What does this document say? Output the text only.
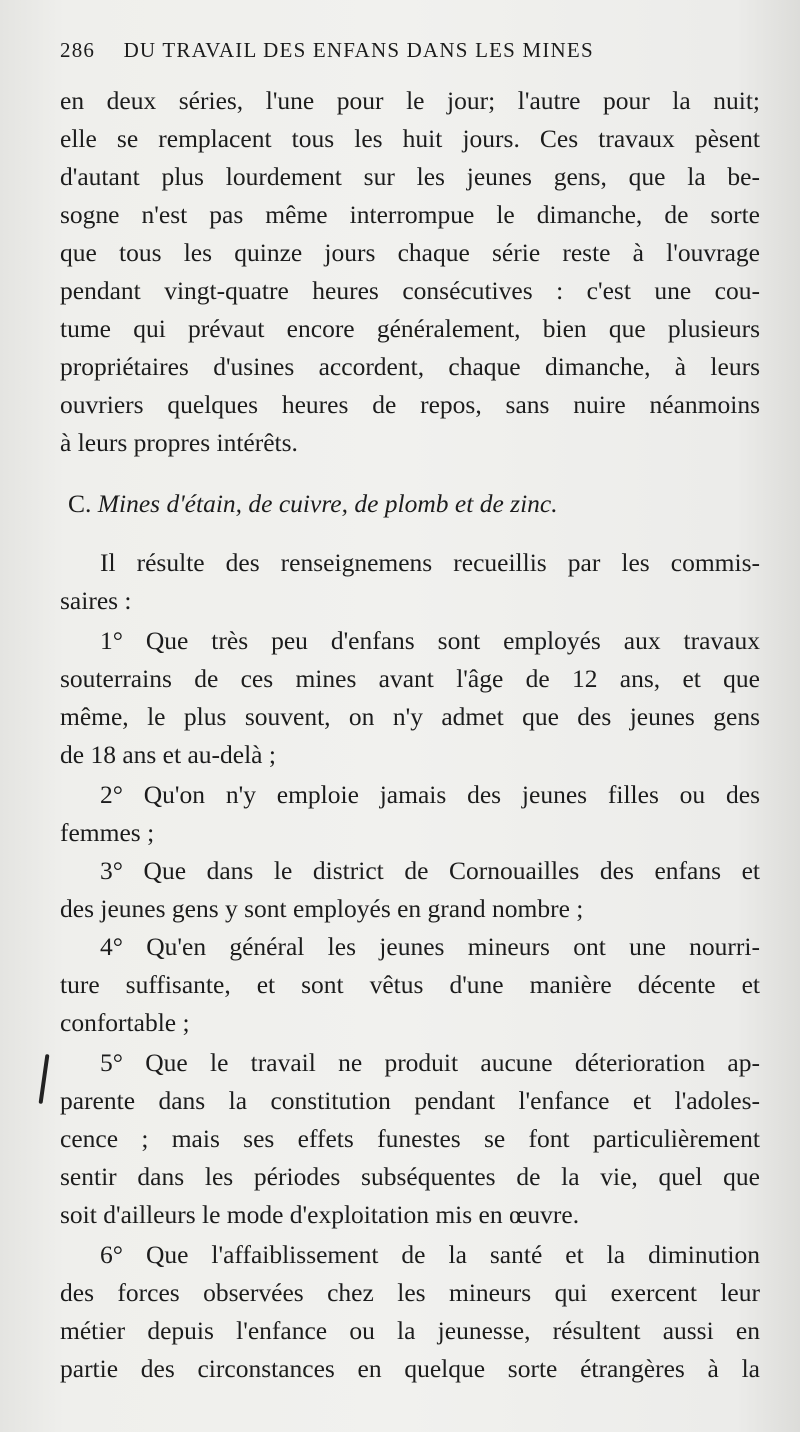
286 DU TRAVAIL DES ENFANS DANS LES MINES
en deux séries, l'une pour le jour; l'autre pour la nuit;
elle se remplacent tous les huit jours. Ces travaux pèsent
d'autant plus lourdement sur les jeunes gens, que la be-
sogne n'est pas même interrompue le dimanche, de sorte
que tous les quinze jours chaque série reste à l'ouvrage
pendant vingt-quatre heures consécutives : c'est une cou-
tume qui prévaut encore généralement, bien que plusieurs
propriétaires d'usines accordent, chaque dimanche, à leurs
ouvriers quelques heures de repos, sans nuire néanmoins
à leurs propres intérêts.
C. Mines d'étain, de cuivre, de plomb et de zinc.
Il résulte des renseignemens recueillis par les commis-
saires :
1° Que très peu d'enfans sont employés aux travaux
souterrains de ces mines avant l'âge de 12 ans, et que
même, le plus souvent, on n'y admet que des jeunes gens
de 18 ans et au-delà ;
2° Qu'on n'y emploie jamais des jeunes filles ou des
femmes ;
3° Que dans le district de Cornouailles des enfans et
des jeunes gens y sont employés en grand nombre ;
4° Qu'en général les jeunes mineurs ont une nourri-
ture suffisante, et sont vêtus d'une manière décente et
confortable ;
5° Que le travail ne produit aucune déterioration ap-
parente dans la constitution pendant l'enfance et l'adoles-
cence ; mais ses effets funestes se font particulièrement
sentir dans les périodes subséquentes de la vie, quel que
soit d'ailleurs le mode d'exploitation mis en œuvre.
6° Que l'affaiblissement de la santé et la diminution
des forces observées chez les mineurs qui exercent leur
métier depuis l'enfance ou la jeunesse, résultent aussi en
partie des circonstances en quelque sorte étrangères à la
